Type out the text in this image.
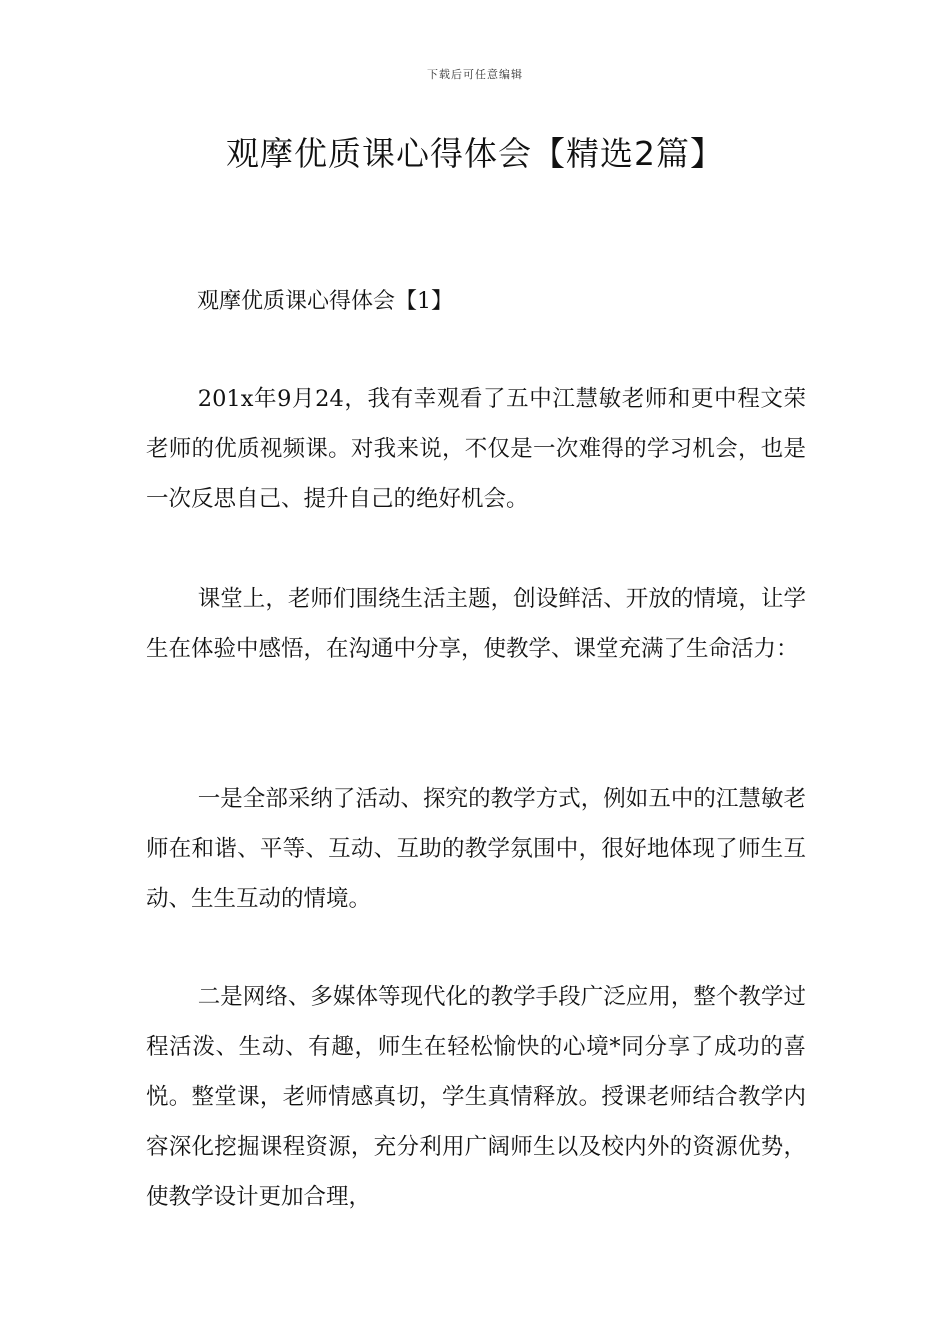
下载后可任意编辑
观摩优质课心得体会【精选2篇】
观摩优质课心得体会【1】

201x年9月24，我有幸观看了五中江慧敏老师和更中程文荣老师的优质视频课。对我来说，不仅是一次难得的学习机会，也是一次反思自己、提升自己的绝好机会。

课堂上，老师们围绕生活主题，创设鲜活、开放的情境，让学生在体验中感悟，在沟通中分享，使教学、课堂充满了生命活力：

一是全部采纳了活动、探究的教学方式，例如五中的江慧敏老师在和谐、平等、互动、互助的教学氛围中，很好地体现了师生互动、生生互动的情境。

二是网络、多媒体等现代化的教学手段广泛应用，整个教学过程活泼、生动、有趣，师生在轻松愉快的心境*同分享了成功的喜悦。整堂课，老师情感真切，学生真情释放。授课老师结合教学内容深化挖掘课程资源，充分利用广阔师生以及校内外的资源优势，使教学设计更加合理，
